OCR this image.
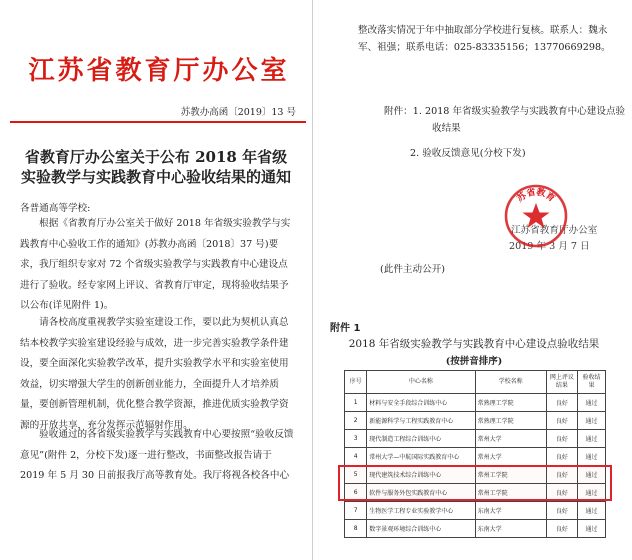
江苏省教育厅办公室
苏教办高函〔2019〕13 号
省教育厅办公室关于公布 2018 年省级
实验教学与实践教育中心验收结果的通知
各普通高等学校:
　　根据《省教育厅办公室关于做好 2018 年省级实验教学与实践教育中心验收工作的通知》(苏教办高函〔2018〕37 号)要求，我厅组织专家对 72 个省级实验教学与实践教育中心建设点进行了验收。经专家网上评议、省教育厅审定，现将验收结果予以公布(详见附件 1)。
　　请各校高度重视教学实验室建设工作，要以此为契机认真总结本校教学实验室建设经验与成效，进一步完善实验教学条件建设，要全面深化实验教学改革，提升实验教学水平和实验室使用效益，切实增强大学生的创新创业能力，全面提升人才培养质量，要创新管理机制，优化整合教学资源，推进优质实验教学资源的开放共享，充分发挥示范辐射作用。
　　验收通过的各省级实验教学与实践教育中心要按照“验收反馈意见”(附件 2，分校下发)逐一进行整改，书面整改报告请于 2019 年 5 月 30 日前报我厅高等教育处。我厅将视各校各中心
整改落实情况于年中抽取部分学校进行复核。联系人：魏永军、祖强；联系电话：025-83335156；13770669298。
附件：1. 2018 年省级实验教学与实践教育中心建设点验
收结果
2. 验收反馈意见(分校下发)
江苏省教育厅办公室
2019 年 3 月 7 日
苏省教育
(此件主动公开)
附件 1
2018 年省级实验教学与实践教育中心建设点验收结果
(按拼音排序)
序号	中心名称	学校名称	网上评议结果	验收结果
1	材料与安全手段综合训练中心	常熟理工学院	良好	通过
2	新能源科学与工程实践教育中心	常熟理工学院	良好	通过
3	现代制造工程综合训练中心	常州大学	良好	通过
4	常州大学—中航国际实践教育中心	常州大学	良好	通过
5	现代建筑技术综合训练中心	常州工学院	良好	通过
6	软件与服务外包实践教育中心	常州工学院	良好	通过
7	生物医学工程专业实验教学中心	东南大学	良好	通过
8	数字景观环境综合训练中心	东南大学	良好	通过
